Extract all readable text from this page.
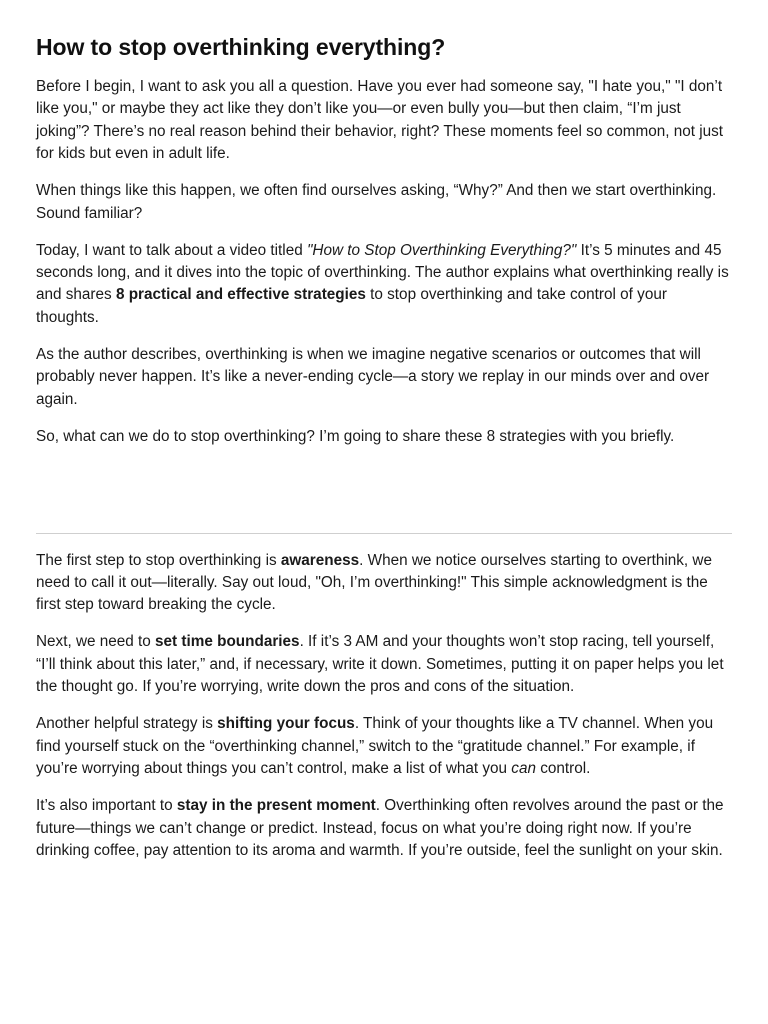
How to stop overthinking everything?

Before I begin, I want to ask you all a question. Have you ever had someone say, "I hate you," "I don’t like you," or maybe they act like they don’t like you—or even bully you—but then claim, “I’m just joking”? There’s no real reason behind their behavior, right? These moments feel so common, not just for kids but even in adult life.

When things like this happen, we often find ourselves asking, “Why?” And then we start overthinking. Sound familiar?

Today, I want to talk about a video titled "How to Stop Overthinking Everything?" It’s 5 minutes and 45 seconds long, and it dives into the topic of overthinking. The author explains what overthinking really is and shares 8 practical and effective strategies to stop overthinking and take control of your thoughts.

As the author describes, overthinking is when we imagine negative scenarios or outcomes that will probably never happen. It’s like a never-ending cycle—a story we replay in our minds over and over again.

So, what can we do to stop overthinking? I’m going to share these 8 strategies with you briefly.

The first step to stop overthinking is awareness. When we notice ourselves starting to overthink, we need to call it out—literally. Say out loud, "Oh, I’m overthinking!" This simple acknowledgment is the first step toward breaking the cycle.

Next, we need to set time boundaries. If it’s 3 AM and your thoughts won’t stop racing, tell yourself, “I’ll think about this later,” and, if necessary, write it down. Sometimes, putting it on paper helps you let the thought go. If you’re worrying, write down the pros and cons of the situation.

Another helpful strategy is shifting your focus. Think of your thoughts like a TV channel. When you find yourself stuck on the “overthinking channel,” switch to the “gratitude channel.” For example, if you’re worrying about things you can’t control, make a list of what you can control.

It’s also important to stay in the present moment. Overthinking often revolves around the past or the future—things we can’t change or predict. Instead, focus on what you’re doing right now. If you’re drinking coffee, pay attention to its aroma and warmth. If you’re outside, feel the sunlight on your skin.
